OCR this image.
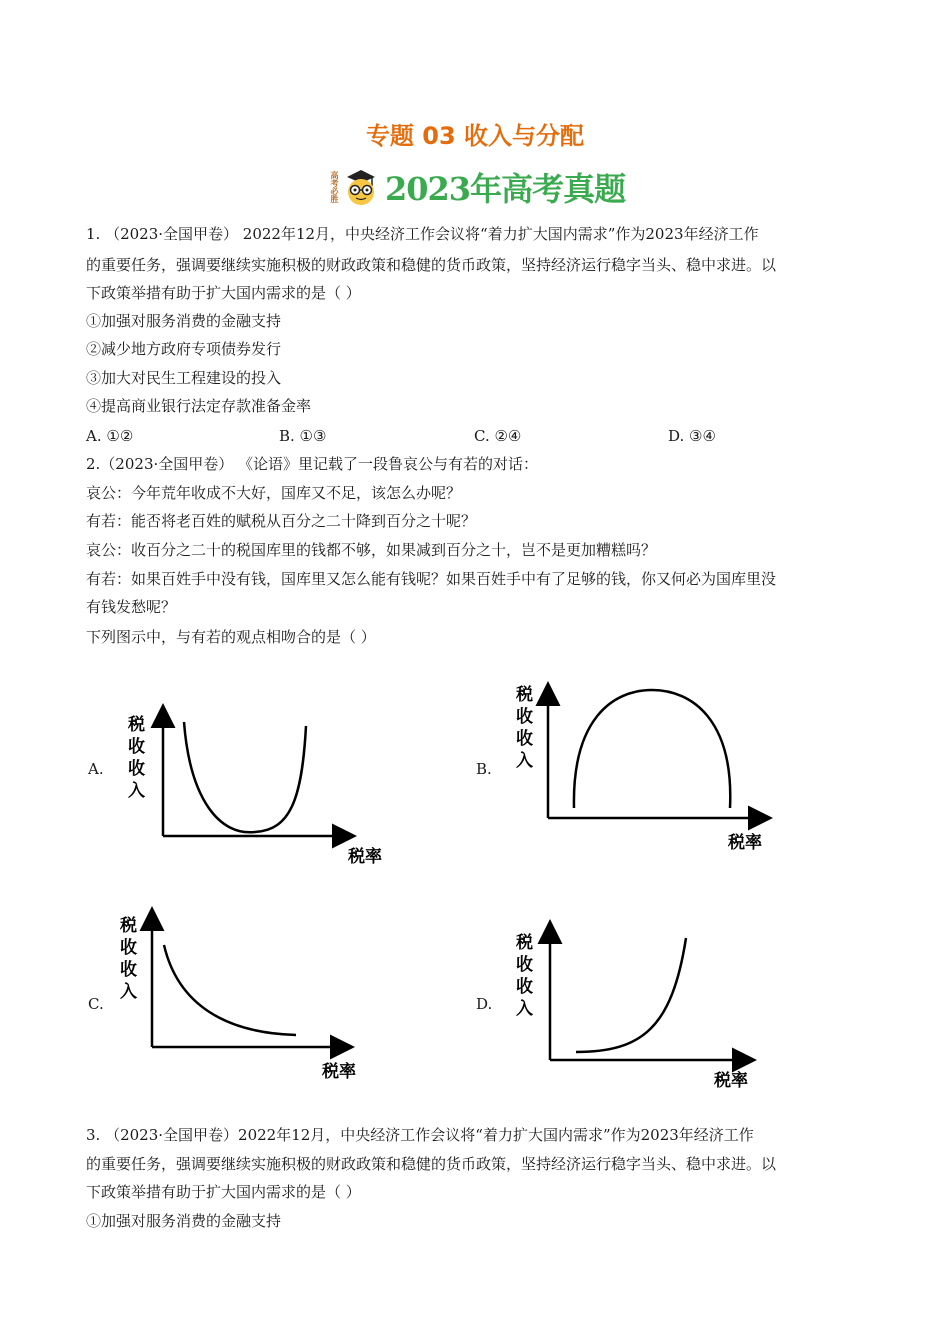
专题 03 收入与分配
高考必胜 2023年高考真题
1. （2023·全国甲卷） 2022年12月，中央经济工作会议将“着力扩大国内需求”作为2023年经济工作
的重要任务，强调要继续实施积极的财政政策和稳健的货币政策，坚持经济运行稳字当头、稳中求进。以
下政策举措有助于扩大国内需求的是（ ）
①加强对服务消费的金融支持
②减少地方政府专项债券发行
③加大对民生工程建设的投入
④提高商业银行法定存款准备金率
A. ①②	B. ①③	C. ②④	D. ③④
2.（2023·全国甲卷） 《论语》里记载了一段鲁哀公与有若的对话：
哀公：今年荒年收成不大好，国库又不足，该怎么办呢？
有若：能否将老百姓的赋税从百分之二十降到百分之十呢？
哀公：收百分之二十的税国库里的钱都不够，如果减到百分之十，岂不是更加糟糕吗？
有若：如果百姓手中没有钱，国库里又怎么能有钱呢？如果百姓手中有了足够的钱，你又何必为国库里没
有钱发愁呢？
下列图示中，与有若的观点相吻合的是（ ）
A.
税
收
收
入
税率
B.
税
收
收
入
税率
C.
税
收
收
入
税率
D.
税
收
收
入
税率
3. （2023·全国甲卷）2022年12月，中央经济工作会议将“着力扩大国内需求”作为2023年经济工作
的重要任务，强调要继续实施积极的财政政策和稳健的货币政策，坚持经济运行稳字当头、稳中求进。以
下政策举措有助于扩大国内需求的是（ ）
①加强对服务消费的金融支持
